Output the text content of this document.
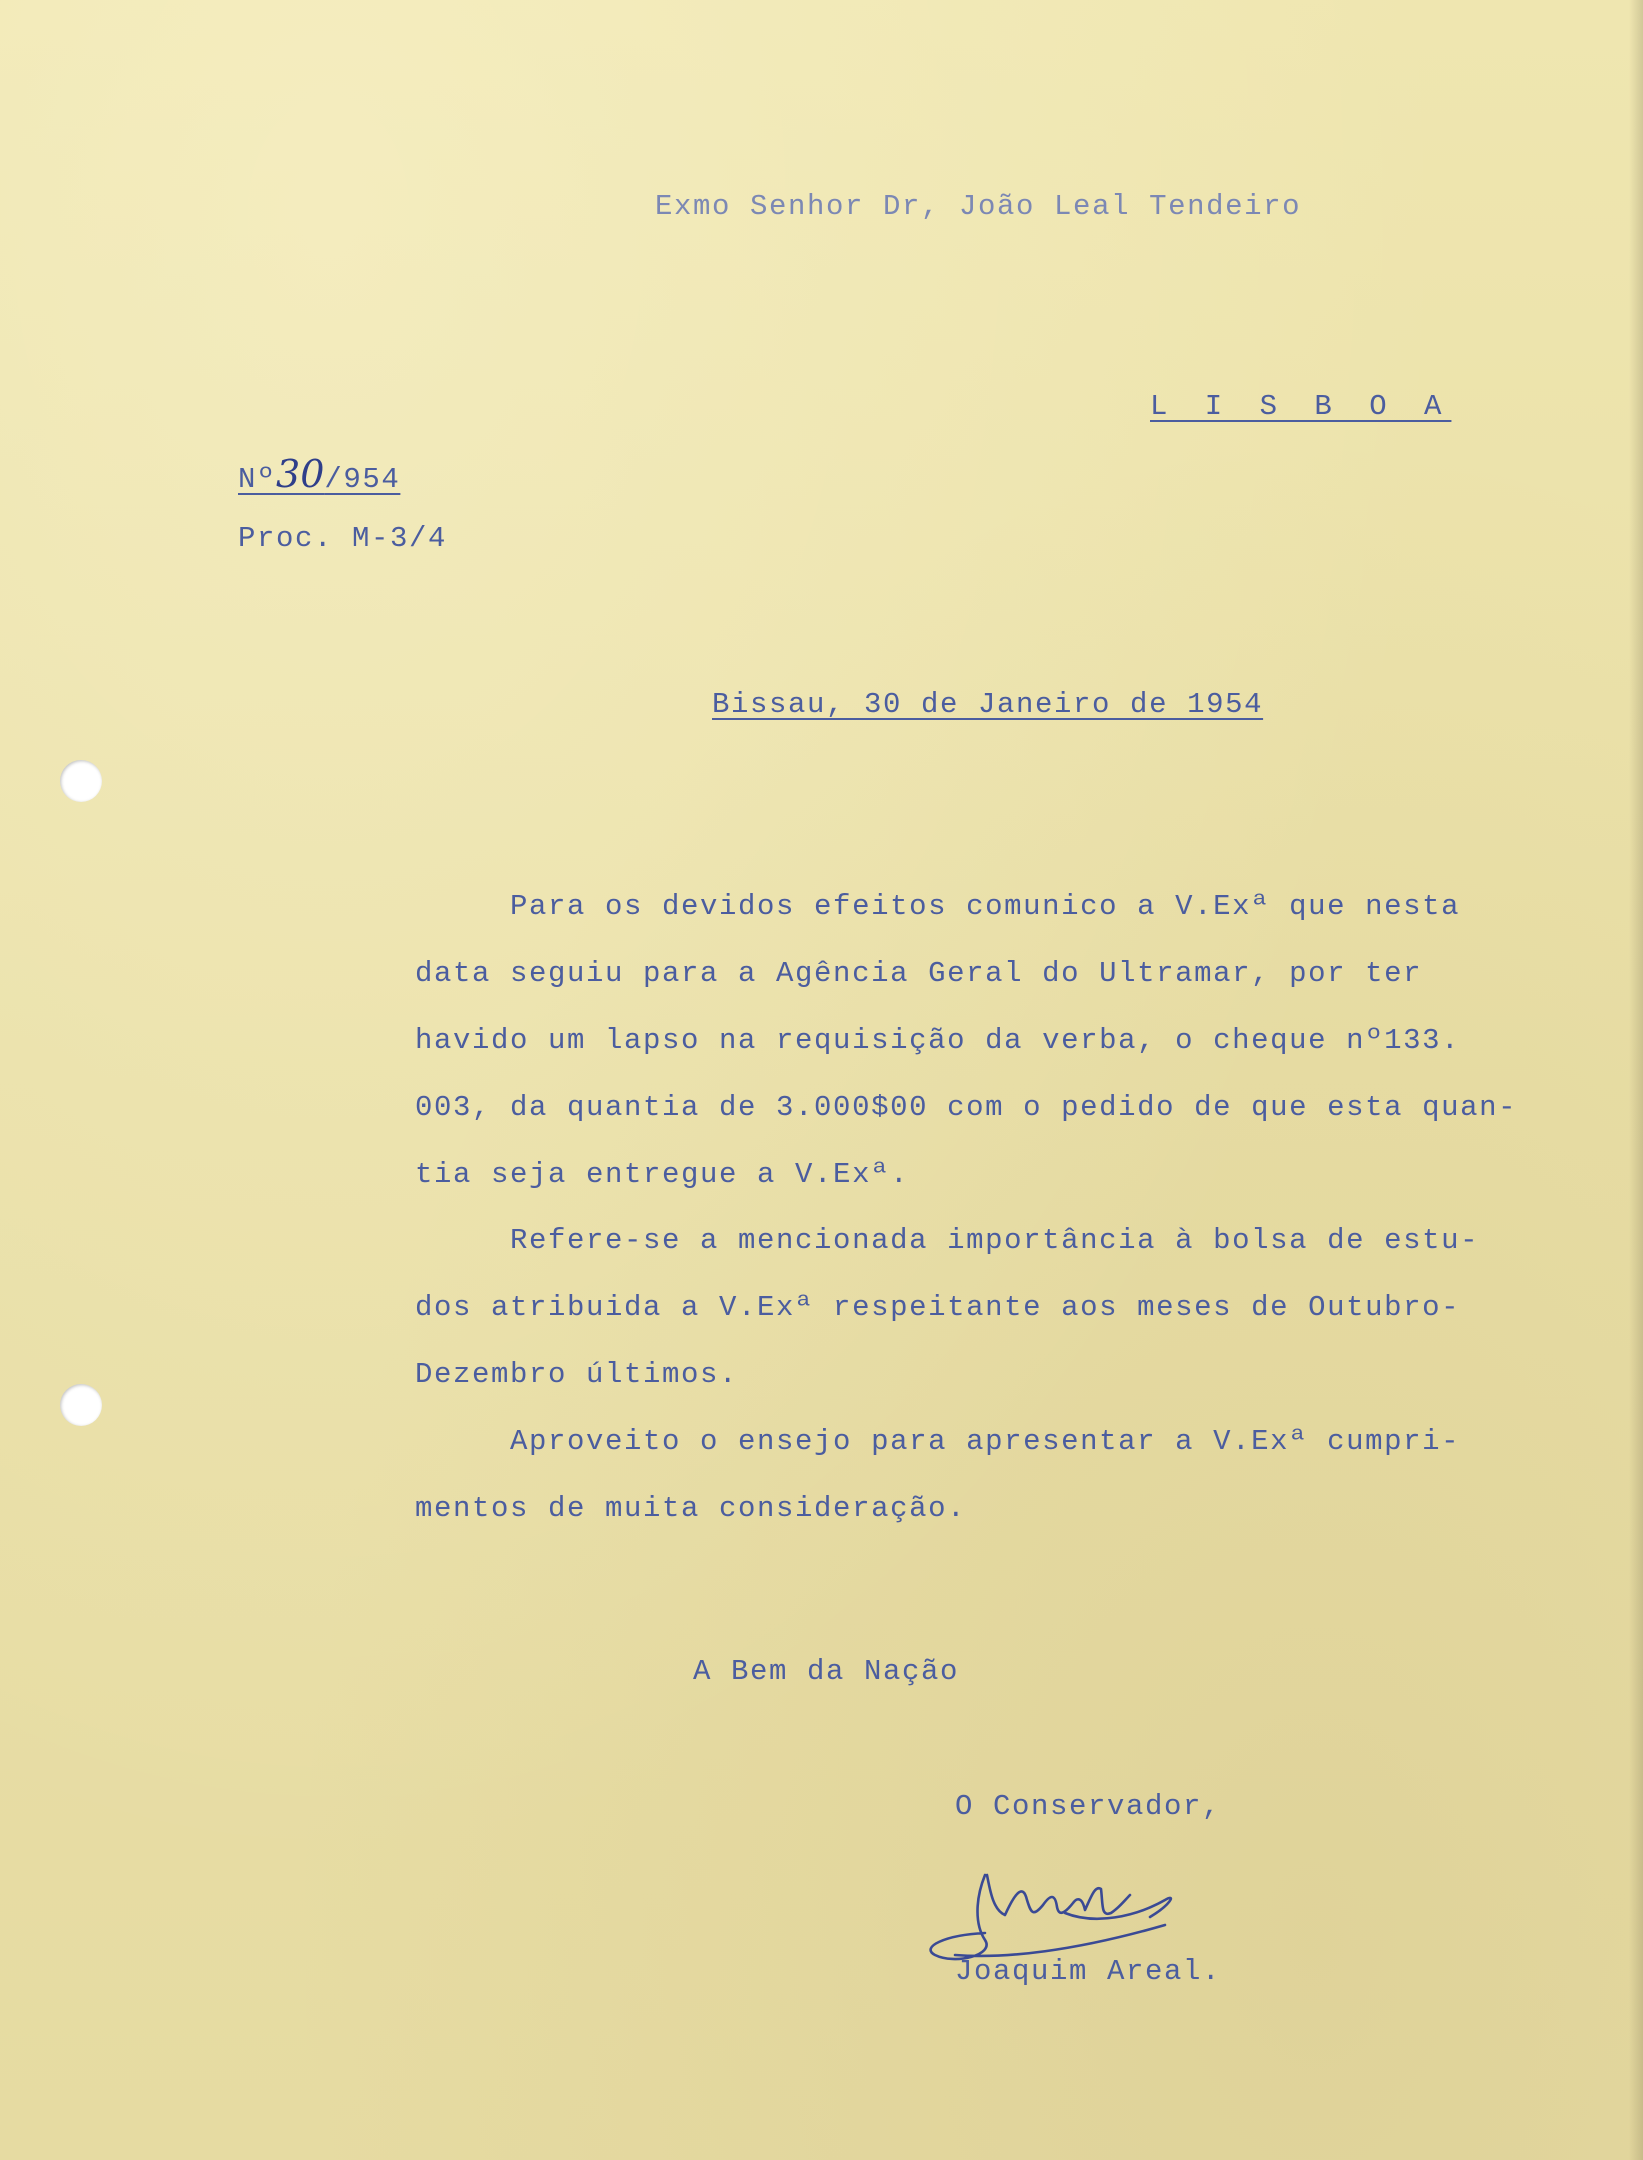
Exmo Senhor Dr, João Leal Tendeiro
L I S B O A
Nº30/954
Proc. M-3/4
Bissau, 30 de Janeiro de 1954
Para os devidos efeitos comunico a V.Exª que nesta
data seguiu para a Agência Geral do Ultramar, por ter
havido um lapso na requisição da verba, o cheque nº133.
003, da quantia de 3.000$00 com o pedido de que esta quan-
tia seja entregue a V.Exª.
Refere-se a mencionada importância à bolsa de estu-
dos atribuida a V.Exª respeitante aos meses de Outubro-
Dezembro últimos.
Aproveito o ensejo para apresentar a V.Exª cumpri-
mentos de muita consideração.
A Bem da Nação
O Conservador,
Joaquim Areal.
